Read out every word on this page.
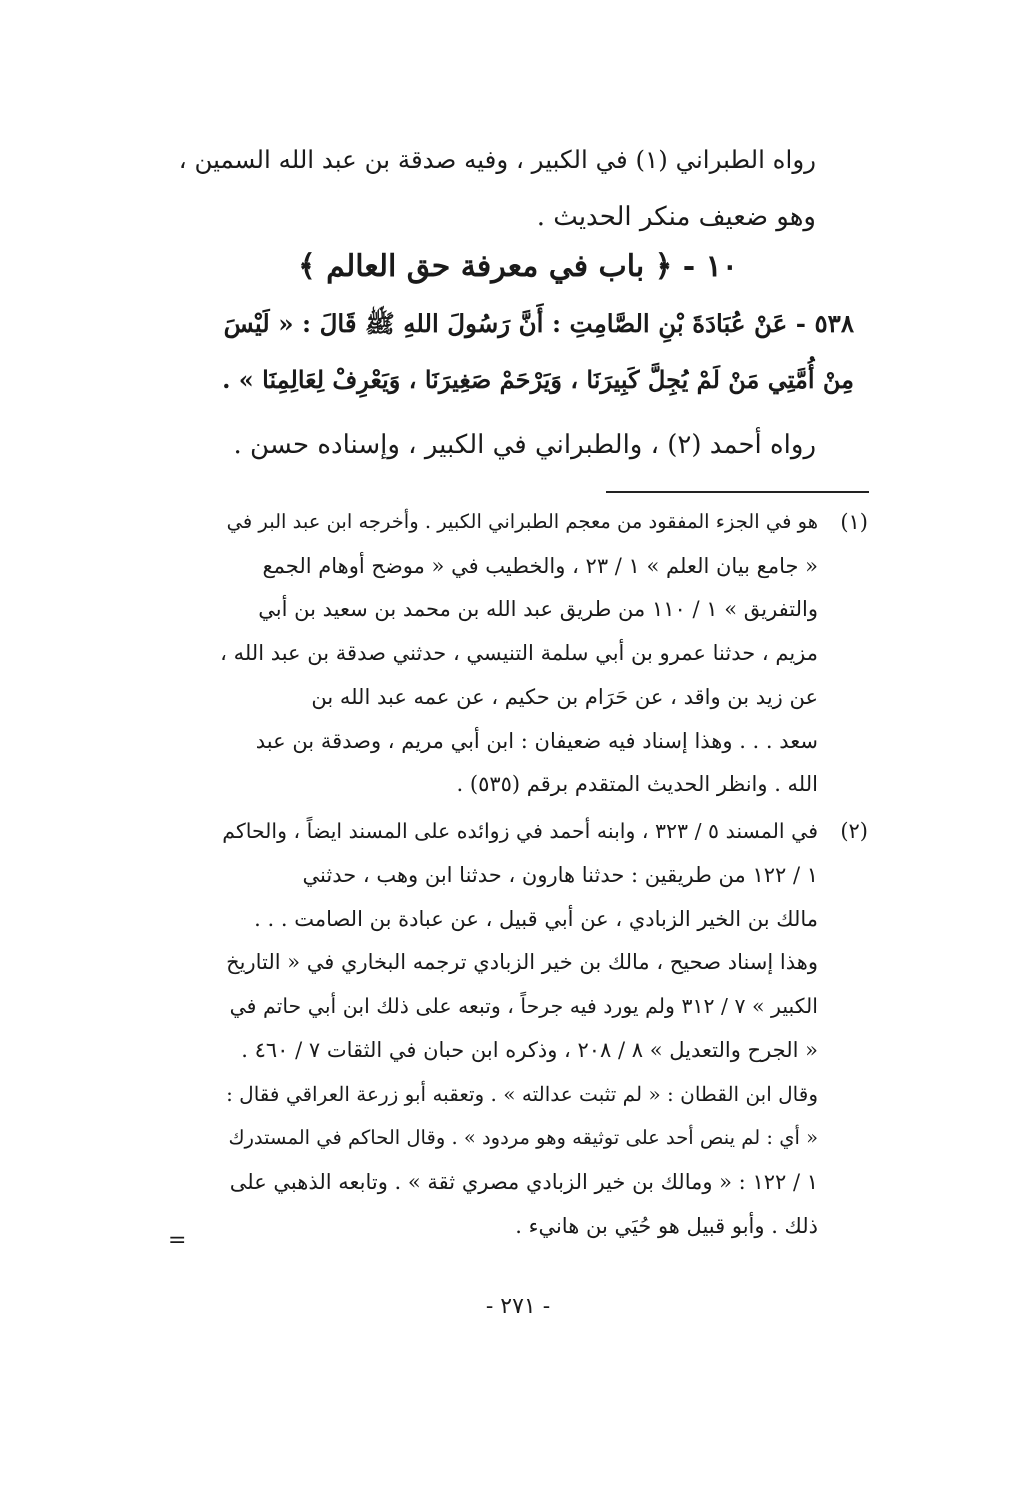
رواه الطبراني (١) في الكبير ، وفيه صدقة بن عبد الله السمين ،
وهو ضعيف منكر الحديث .
١٠ - ﴿ باب في معرفة حق العالم ﴾
٥٣٨ - عَنْ عُبَادَةَ بْنِ الصَّامِتِ : أَنَّ رَسُولَ اللهِ ﷺ قَالَ : « لَيْسَ
مِنْ أُمَّتِي مَنْ لَمْ يُجِلَّ كَبِيرَنَا ، وَيَرْحَمْ صَغِيرَنَا ، وَيَعْرِفْ لِعَالِمِنَا » .
رواه أحمد (٢) ، والطبراني في الكبير ، وإسناده حسن .
(١)
هو في الجزء المفقود من معجم الطبراني الكبير . وأخرجه ابن عبد البر في
« جامع بيان العلم » ١ / ٢٣ ، والخطيب في « موضح أوهام الجمع
والتفريق » ١ / ١١٠ من طريق عبد الله بن محمد بن سعيد بن أبي
مزيم ، حدثنا عمرو بن أبي سلمة التنيسي ، حدثني صدقة بن عبد الله ،
عن زيد بن واقد ، عن حَرَام بن حكيم ، عن عمه عبد الله بن
سعد . . . وهذا إسناد فيه ضعيفان : ابن أبي مريم ، وصدقة بن عبد
الله . وانظر الحديث المتقدم برقم (٥٣٥) .
(٢)
في المسند ٥ / ٣٢٣ ، وابنه أحمد في زوائده على المسند ايضاً ، والحاكم
١ / ١٢٢ من طريقين : حدثنا هارون ، حدثنا ابن وهب ، حدثني
مالك بن الخير الزبادي ، عن أبي قبيل ، عن عبادة بن الصامت . . .
وهذا إسناد صحيح ، مالك بن خير الزبادي ترجمه البخاري في « التاريخ
الكبير » ٧ / ٣١٢ ولم يورد فيه جرحاً ، وتبعه على ذلك ابن أبي حاتم في
« الجرح والتعديل » ٨ / ٢٠٨ ، وذكره ابن حبان في الثقات ٧ / ٤٦٠ .
وقال ابن القطان : « لم تثبت عدالته » . وتعقبه أبو زرعة العراقي فقال :
« أي : لم ينص أحد على توثيقه وهو مردود » . وقال الحاكم في المستدرك
١ / ١٢٢ : « ومالك بن خير الزبادي مصري ثقة » . وتابعه الذهبي على
ذلك . وأبو قبيل هو حُيَي بن هانيء .
=
- ٢٧١ -
